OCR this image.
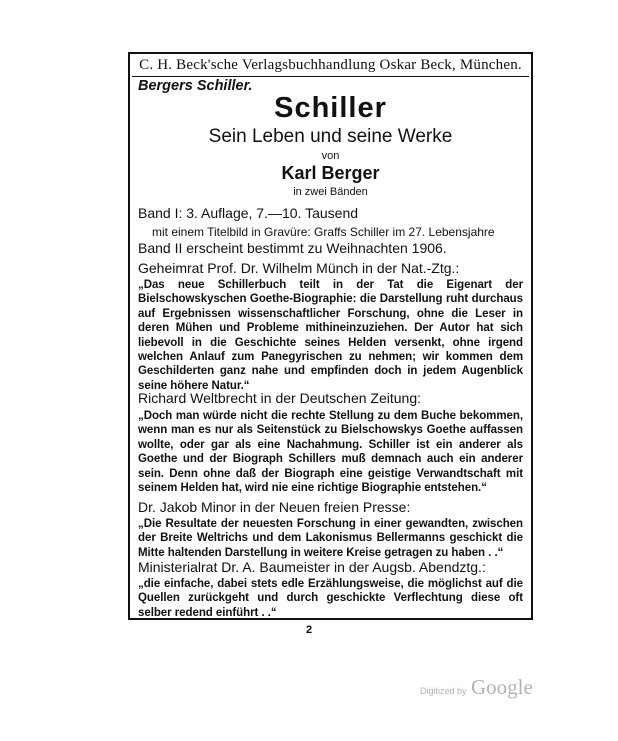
C. H. Beck'sche Verlagsbuchhandlung Oskar Beck, München.
Bergers Schiller.
Schiller
Sein Leben und seine Werke
von
Karl Berger
in zwei Bänden
Band I: 3. Auflage, 7.—10. Tausend
mit einem Titelbild in Gravüre: Graffs Schiller im 27. Lebensjahre
Band II erscheint bestimmt zu Weihnachten 1906.
Geheimrat Prof. Dr. Wilhelm Münch in der Nat.-Ztg.:
„Das neue Schillerbuch teilt in der Tat die Eigenart der Bielschowskyschen Goethe-Biographie: die Darstellung ruht durchaus auf Ergebnissen wissenschaftlicher Forschung, ohne die Leser in deren Mühen und Probleme mithineinzuziehen. Der Autor hat sich liebevoll in die Geschichte seines Helden versenkt, ohne irgend welchen Anlauf zum Panegyrischen zu nehmen; wir kommen dem Geschilderten ganz nahe und empfinden doch in jedem Augenblick seine höhere Natur.“
Richard Weltbrecht in der Deutschen Zeitung:
„Doch man würde nicht die rechte Stellung zu dem Buche bekommen, wenn man es nur als Seitenstück zu Bielschowskys Goethe auffassen wollte, oder gar als eine Nachahmung. Schiller ist ein anderer als Goethe und der Biograph Schillers muß demnach auch ein anderer sein. Denn ohne daß der Biograph eine geistige Verwandtschaft mit seinem Helden hat, wird nie eine richtige Biographie entstehen.“
Dr. Jakob Minor in der Neuen freien Presse:
„Die Resultate der neuesten Forschung in einer gewandten, zwischen der Breite Weltrichs und dem Lakonismus Bellermanns geschickt die Mitte haltenden Darstellung in weitere Kreise getragen zu haben . .“
Ministerialrat Dr. A. Baumeister in der Augsb. Abendztg.:
„die einfache, dabei stets edle Erzählungsweise, die möglichst auf die Quellen zurückgeht und durch geschickte Verflechtung diese oft selber redend einführt . .“
2
Digitized by Google
